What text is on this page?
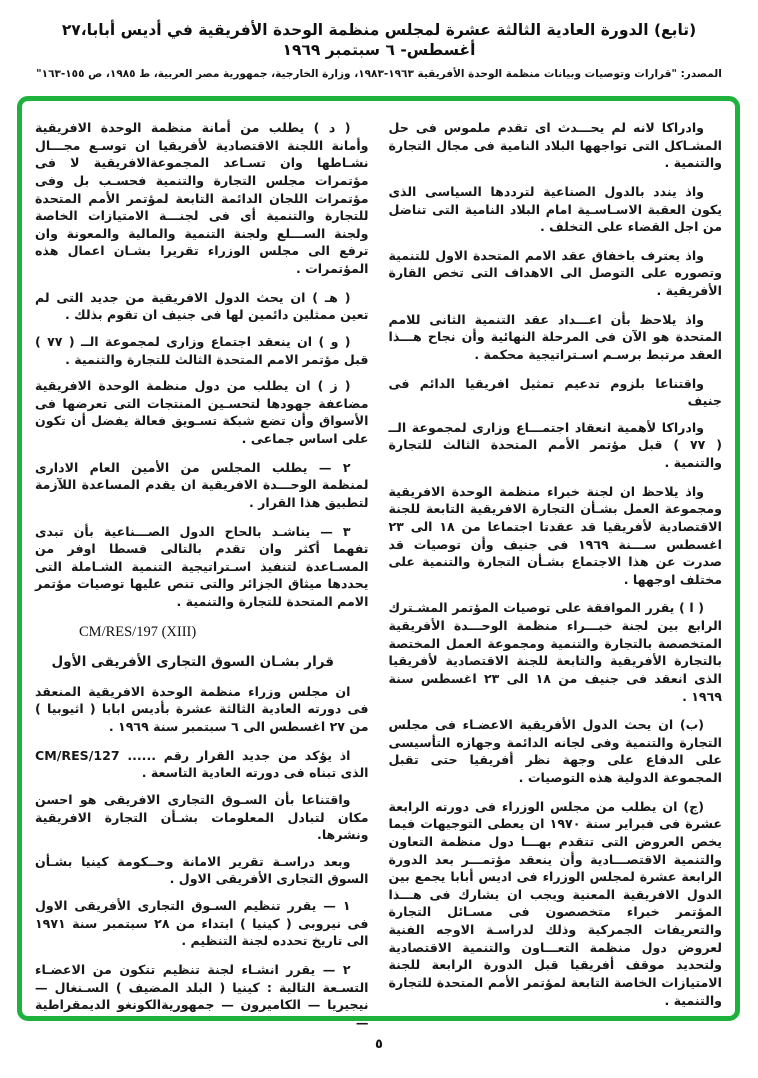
(تابع) الدورة العادية الثالثة عشرة لمجلس منظمة الوحدة الأفريقية في أديس أبابا،٢٧ أغسطس- ٦ سبتمبر ١٩٦٩
المصدر: "قرارات وتوصيات وبيانات منظمة الوحدة الأفريقية ١٩٦٣-١٩٨٣، وزارة الخارجية، جمهورية مصر العربية، ط ١٩٨٥، ص ١٥٥-١٦٣"

وادراكا لانه لم يحـــدث اى تقدم ملموس فى حل المشـاكل التى تواجهها البلاد النامية فى مجال التجارة والتنمية .

واذ يندد بالدول الصناعية لترددها السياسى الذى يكون العقبة الاسـاسـية امام البلاد النامية التى تناضل من اجل القضاء على التخلف .

واذ يعترف باخفاق عقد الامم المتحدة الاول للتنمية وتصوره على التوصل الى الاهداف التى تخص القارة الأفريقية .

واذ يلاحظ بأن اعـــداد عقد التنمية الثانى للامم المتحدة هو الآن فى المرحلة النهائية وأن نجاح هـــذا العقد مرتبط برسـم اسـتراتيجية محكمة .

واقتناعا بلزوم تدعيم تمثيل افريقيا الدائم فى جنيف

وادراكا لأهمية انعقاد اجتمـــاع وزارى لمجموعة الــ ( ٧٧ ) قبل مؤتمر الأمم المتحدة الثالث للتجارة والتنمية .

واذ يلاحظ ان لجنة خبراء منظمة الوحدة الافريقية ومجموعة العمل بشـأن التجارة الافريقية التابعة للجنة الاقتصادية لأفريقيا قد عقدتا اجتماعا من ١٨ الى ٢٣ اغسطس ســـنة ١٩٦٩ فى جنيف وأن توصيات قد صدرت عن هذا الاجتماع بشـأن التجارة والتنمية على مختلف اوجهها .

( ا ) يقرر الموافقة على توصيات المؤتمر المشـترك الرابع بين لجنة خبـــراء منظمة الوحـــدة الأفريقية المتخصصة بالتجارة والتنمية ومجموعة العمل المختصة بالتجارة الأفريقية والتابعة للجنة الاقتصادية لأفريقيا الذى انعقد فى جنيف من ١٨ الى ٢٣ اغسطس سنة ١٩٦٩ .

(ب) ان يحث الدول الأفريقية الاعضـاء فى مجلس التجارة والتنمية وفى لجانه الدائمة وجهازه التأسيسى على الدفاع على وجهة نظر أفريقيا حتى تقبل المجموعة الدولية هذه التوصيات .

(ج) ان يطلب من مجلس الوزراء فى دورته الرابعة عشرة فى فبراير سنة ١٩٧٠ ان يعطى التوجيهات فيما يخص العروض التى تتقدم بهـــا دول منظمة التعاون والتنمية الاقتصـــادية وأن ينعقد مؤتمـــر بعد الدورة الرابعة عشرة لمجلس الوزراء فى اديس أبابا يجمع بين الدول الافريقية المعنية ويجب ان يشارك فى هـــذا المؤتمر خبراء متخصصون فى مسـائل التجارة والتعريفات الجمركية وذلك لدراسـة الاوجه الفنية لعروض دول منظمة التعـــاون والتنمية الاقتصادية ولتحديد موقف أفريقيا قبل الدورة الرابعة للجنة الامتيازات الخاصة التابعة لمؤتمر الأمم المتحدة للتجارة والتنمية .

( د ) يطلب من أمانة منظمة الوحدة الافريقية وأمانة اللجنة الاقتصادية لأفريقيا ان توسـع مجـــال نشـاطها وان تسـاعد المجموعةالافريقية لا فى مؤتمرات مجلس التجارة والتنمية فحسـب بل وفى مؤتمرات اللجان الدائمة التابعة لمؤتمر الأمم المتحدة للتجارة والتنمية أى فى لجنـــة الامتيازات الخاصة ولجنة الســـلع ولجنة التنمية والمالية والمعونة وان ترفع الى مجلس الوزراء تقريرا بشـان اعمال هذه المؤتمرات .

( هـ ) ان يحث الدول الافريقية من جديد التى لم تعين ممثلين دائمين لها فى جنيف ان تقوم بذلك .

( و ) ان ينعقد اجتماع وزارى لمجموعة الــ ( ٧٧ ) قبل مؤتمر الامم المتحدة الثالث للتجارة والتنمية .

( ز ) ان يطلب من دول منظمة الوحدة الافريقية مضاعفة جهودها لتحسـين المنتجات التى تعرضها فى الأسواق وأن تضع شبكة تسـويق فعالة يفضل أن تكون على اساس جماعى .

٢ — يطلب المجلس من الأمين العام الادارى لمنظمة الوحـــدة الافريقية ان يقدم المساعدة اللآزمة لتطبيق هذا القرار .

٣ — يناشـد بالحاح الدول الصـــناعية بأن تبدى تفهما أكثر وان تقدم بالتالى قسطا اوفر من المسـاعدة لتنفيذ اسـتراتيجية التنمية الشـاملة التى يحددها ميثاق الجزائر والتى تنص عليها توصيات مؤتمر الامم المتحدة للتجارة والتنمية .

CM/RES/197 (XIII)

قرار بشـان السوق التجارى الأفريقى الأول

ان مجلس وزراء منظمة الوحدة الافريقية المنعقد فى دورته العادية الثالثة عشرة بأديس ابابا ( اثيوبيا ) من ٢٧ اغسطس الى ٦ سبتمبر سنة ١٩٦٩ .

اذ يؤكد من جديد القرار رقم ...... CM/RES/127 الذى تبناه فى دورته العادية التاسعة .

واقتناعا بأن السـوق التجارى الافريقى هو احسن مكان لتبادل المعلومات بشـأن التجارة الافريقية ونشرها.

وبعد دراسـة تقرير الامانة وحــكومة كينيا بشـأن السوق التجارى الأفريقى الاول .

١ — يقرر تنظيم السـوق التجارى الأفريقى الاول فى نيروبى ( كينيا ) ابتداء من ٢٨ سبتمبر سنة ١٩٧١ الى تاريخ تحدده لجنة التنظيم .

٢ — يقرر انشـاء لجنة تنظيم تتكون من الاعضـاء التسـعة التالية : كينيا ( البلد المضيف ) السـنغال — نيجيريا — الكاميرون — جمهوريةالكونغو الديمقراطية —

٥
